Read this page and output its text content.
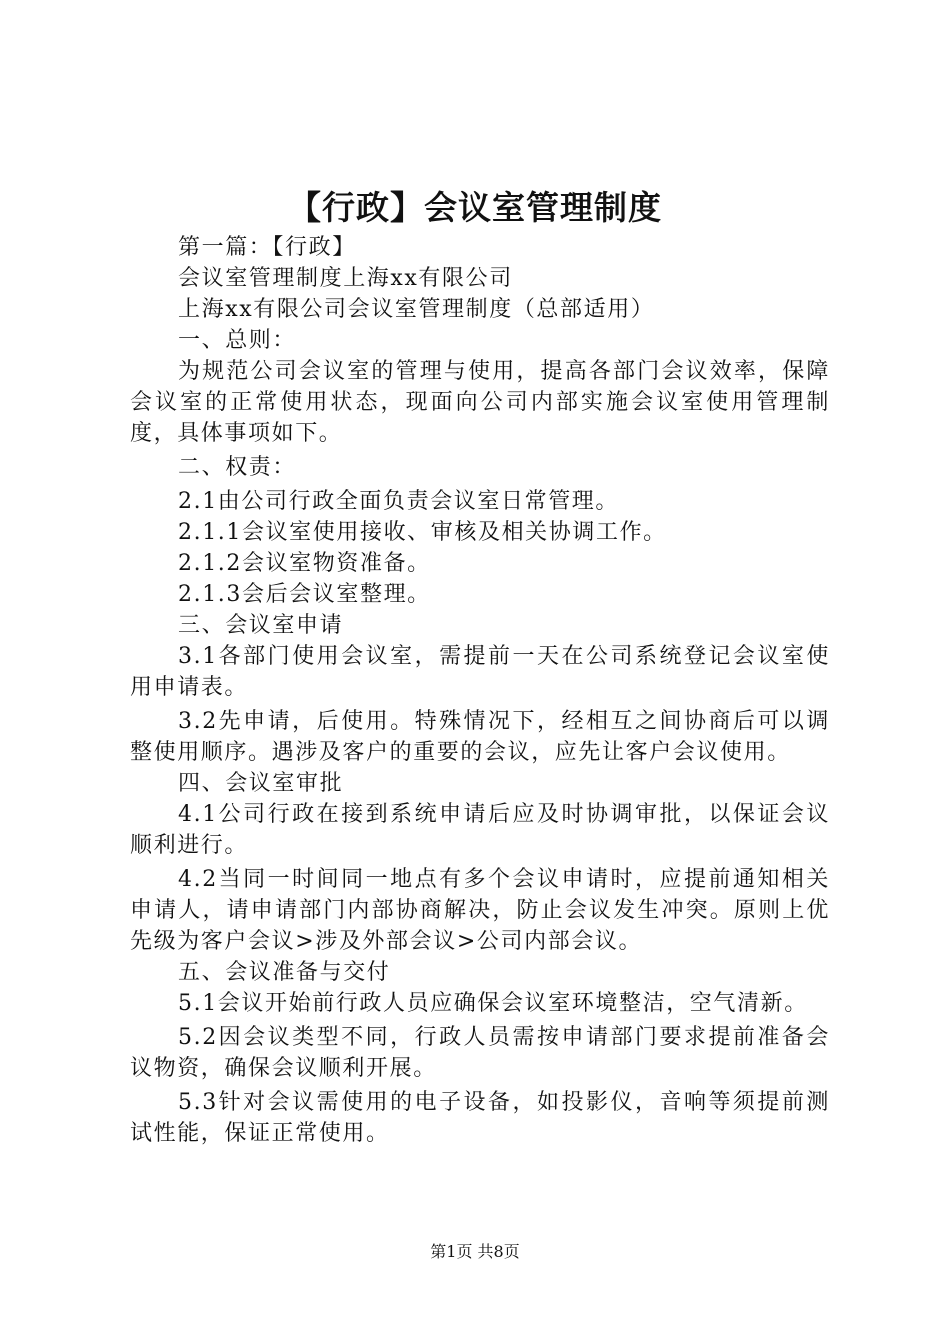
【行政】会议室管理制度

第一篇：【行政】

会议室管理制度上海xx有限公司

上海xx有限公司会议室管理制度（总部适用）

一、总则：

为规范公司会议室的管理与使用，提高各部门会议效率，保障会议室的正常使用状态，现面向公司内部实施会议室使用管理制度，具体事项如下。

二、权责：

2.1由公司行政全面负责会议室日常管理。

2.1.1会议室使用接收、审核及相关协调工作。

2.1.2会议室物资准备。

2.1.3会后会议室整理。

三、会议室申请

3.1各部门使用会议室，需提前一天在公司系统登记会议室使用申请表。

3.2先申请，后使用。特殊情况下，经相互之间协商后可以调整使用顺序。遇涉及客户的重要的会议，应先让客户会议使用。

四、会议室审批

4.1公司行政在接到系统申请后应及时协调审批，以保证会议顺利进行。

4.2当同一时间同一地点有多个会议申请时，应提前通知相关申请人，请申请部门内部协商解决，防止会议发生冲突。原则上优先级为客户会议>涉及外部会议>公司内部会议。

五、会议准备与交付

5.1会议开始前行政人员应确保会议室环境整洁，空气清新。

5.2因会议类型不同，行政人员需按申请部门要求提前准备会议物资，确保会议顺利开展。

5.3针对会议需使用的电子设备，如投影仪，音响等须提前测试性能，保证正常使用。

第1页 共8页
